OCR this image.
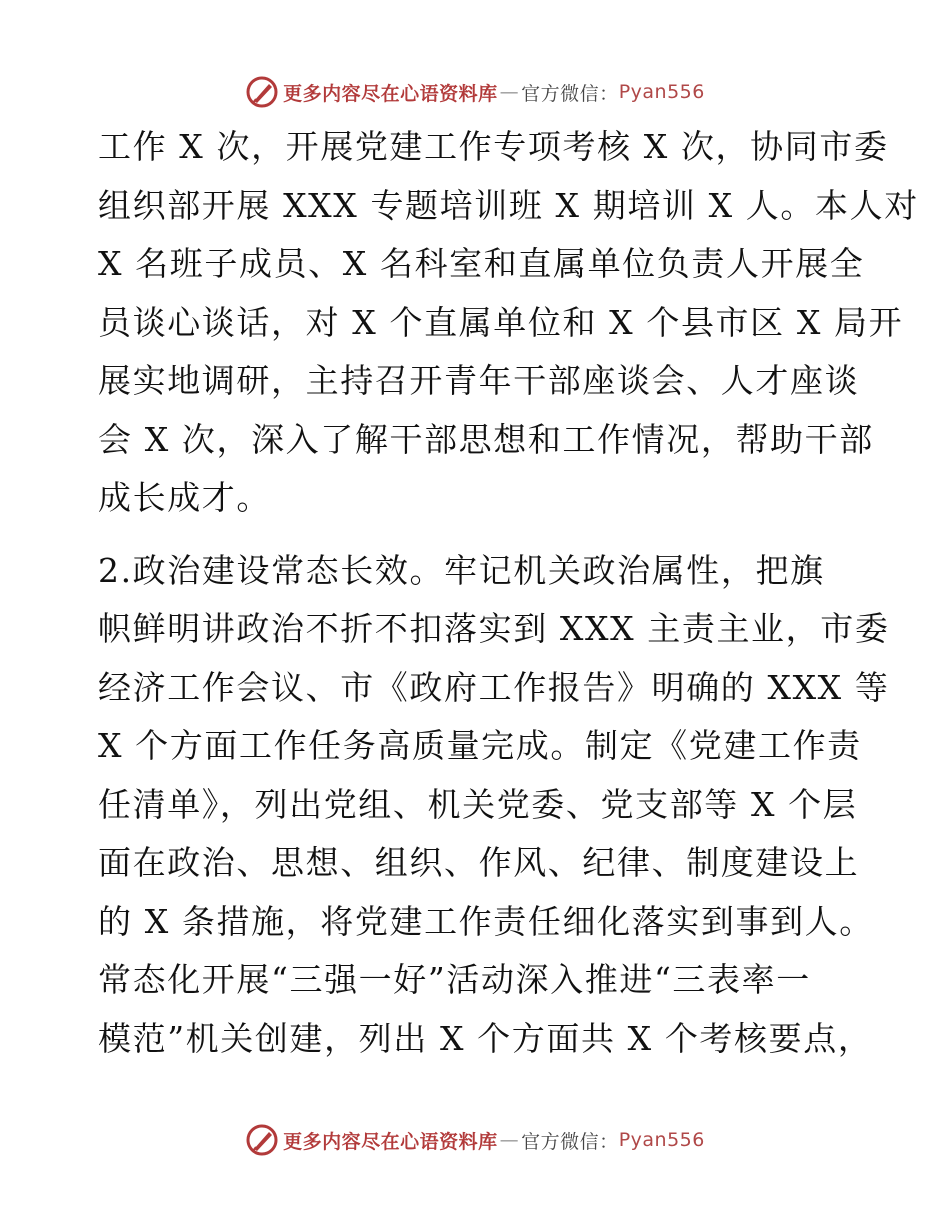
更多内容尽在心语资料库 — 官方微信： Pyan556
工作 X 次，开展党建工作专项考核 X 次，协同市委
组织部开展 XXX 专题培训班 X 期培训 X 人。本人对
X 名班子成员、X 名科室和直属单位负责人开展全
员谈心谈话，对 X 个直属单位和 X 个县市区 X 局开
展实地调研，主持召开青年干部座谈会、人才座谈
会 X 次，深入了解干部思想和工作情况，帮助干部
成长成才。
2.政治建设常态长效。牢记机关政治属性，把旗
帜鲜明讲政治不折不扣落实到 XXX 主责主业，市委
经济工作会议、市《政府工作报告》明确的 XXX 等
X 个方面工作任务高质量完成。制定《党建工作责
任清单》，列出党组、机关党委、党支部等 X 个层
面在政治、思想、组织、作风、纪律、制度建设上
的 X 条措施，将党建工作责任细化落实到事到人。
常态化开展“三强一好”活动深入推进“三表率一
模范”机关创建，列出 X 个方面共 X 个考核要点，
更多内容尽在心语资料库 — 官方微信： Pyan556
